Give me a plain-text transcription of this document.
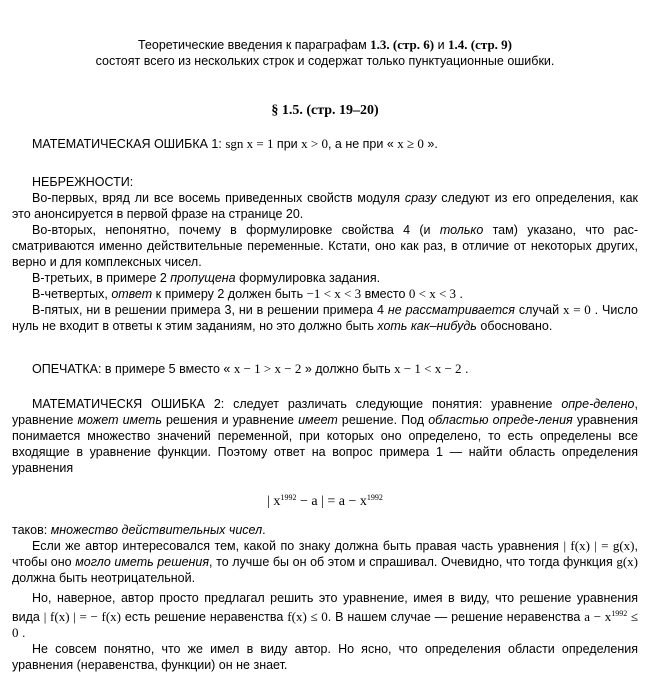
Теоретические введения к параграфам 1.3. (стр. 6) и 1.4. (стр. 9)
состоят всего из нескольких строк и содержат только пунктуационные ошибки.
§ 1.5. (стр. 19–20)

МАТЕМАТИЧЕСКАЯ ОШИБКА 1: sgn x = 1 при x > 0, а не при « x ≥ 0 ».

НЕБРЕЖНОСТИ:

Во-первых, вряд ли все восемь приведенных свойств модуля сразу следуют из его определения, как это анонсируется в первой фразе на странице 20.

Во-вторых, непонятно, почему в формулировке свойства 4 (и только там) указано, что рас-сматриваются именно действительные переменные. Кстати, оно как раз, в отличие от некоторых других, верно и для комплексных чисел.

В-третьих, в примере 2 пропущена формулировка задания.

В-четвертых, ответ к примеру 2 должен быть −1 < x < 3 вместо 0 < x < 3 .

В-пятых, ни в решении примера 3, ни в решении примера 4 не рассматривается случай x = 0 . Число нуль не входит в ответы к этим заданиям, но это должно быть хоть как–нибудь обосновано.

ОПЕЧАТКА: в примере 5 вместо « x − 1 > x − 2 » должно быть x − 1 < x − 2 .

МАТЕМАТИЧЕСКЯ ОШИБКА 2: следует различать следующие понятия: уравнение опре-делено, уравнение может иметь решения и уравнение имеет решение. Под областью опреде-ления уравнения понимается множество значений переменной, при которых оно определено, то есть определены все входящие в уравнение функции. Поэтому ответ на вопрос примера 1 — найти область определения уравнения

| $x^{1992} - a$ | = $a - x^{1992}$

таков: множество действительных чисел.

Если же автор интересовался тем, какой по знаку должна быть правая часть уравнения | f(x) | = g(x), чтобы оно могло иметь решения, то лучше бы он об этом и спрашивал. Очевидно, что тогда функция g(x) должна быть неотрицательной.

Но, наверное, автор просто предлагал решить это уравнение, имея в виду, что решение уравнения вида | f(x) | = − f(x) есть решение неравенства f(x) ≤ 0. В нашем случае — решение неравенства $a - x^{1992} \le 0$ .

Не совсем понятно, что же имел в виду автор. Но ясно, что определения области определения уравнения (неравенства, функции) он не знает.
